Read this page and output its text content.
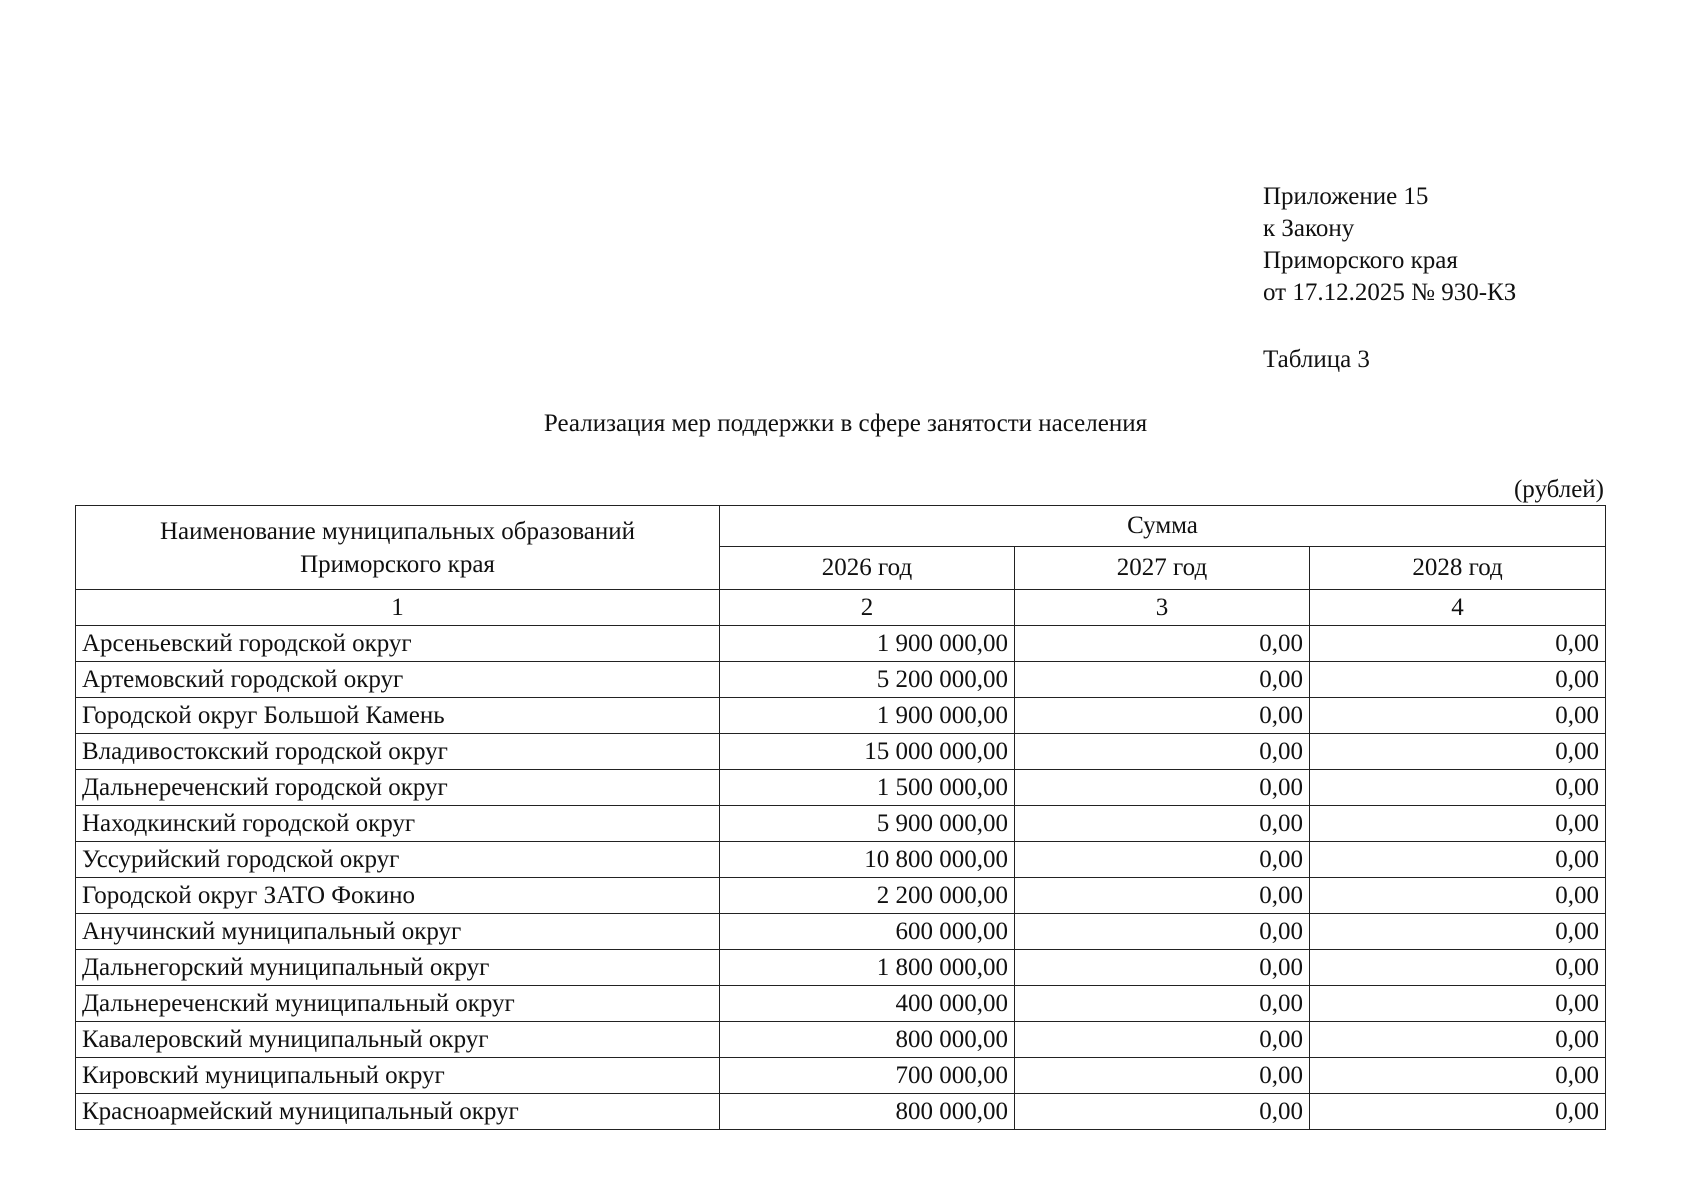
Приложение 15
к Закону
Приморского края
от 17.12.2025 № 930-КЗ
Таблица 3
Реализация мер поддержки в сфере занятости населения
(рублей)
Наименование муниципальных образований
Приморского края	Сумма		
	2026 год	2027 год	2028 год
1	2	3	4
Арсеньевский городской округ	1 900 000,00	0,00	0,00
Артемовский городской округ	5 200 000,00	0,00	0,00
Городской округ Большой Камень	1 900 000,00	0,00	0,00
Владивостокский городской округ	15 000 000,00	0,00	0,00
Дальнереченский городской округ	1 500 000,00	0,00	0,00
Находкинский городской округ	5 900 000,00	0,00	0,00
Уссурийский городской округ	10 800 000,00	0,00	0,00
Городской округ ЗАТО Фокино	2 200 000,00	0,00	0,00
Анучинский муниципальный округ	600 000,00	0,00	0,00
Дальнегорский муниципальный округ	1 800 000,00	0,00	0,00
Дальнереченский муниципальный округ	400 000,00	0,00	0,00
Кавалеровский муниципальный округ	800 000,00	0,00	0,00
Кировский муниципальный округ	700 000,00	0,00	0,00
Красноармейский муниципальный округ	800 000,00	0,00	0,00
